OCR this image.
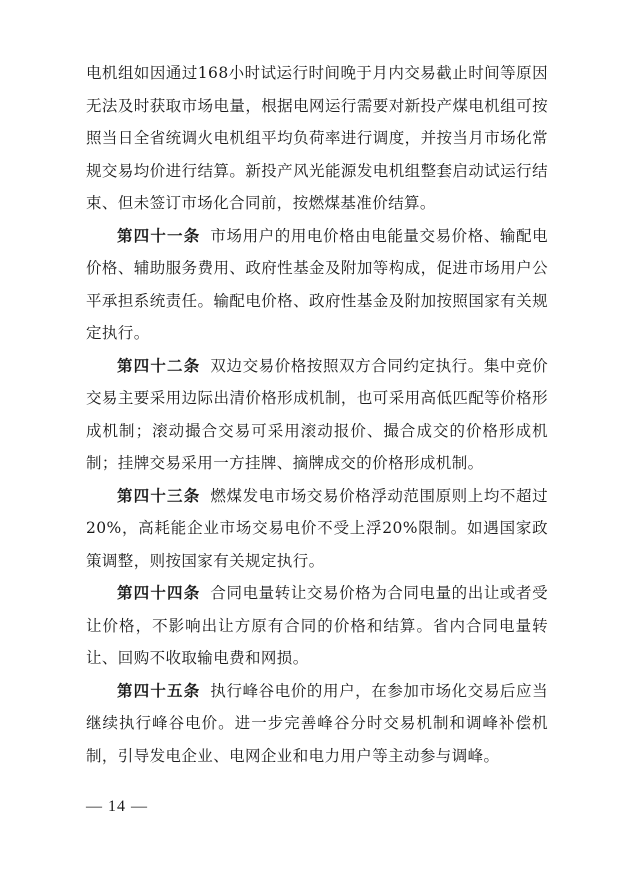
电机组如因通过168小时试运行时间晚于月内交易截止时间等原因无法及时获取市场电量，根据电网运行需要对新投产煤电机组可按照当日全省统调火电机组平均负荷率进行调度，并按当月市场化常规交易均价进行结算。新投产风光能源发电机组整套启动试运行结束、但未签订市场化合同前，按燃煤基准价结算。

第四十一条 市场用户的用电价格由电能量交易价格、输配电价格、辅助服务费用、政府性基金及附加等构成，促进市场用户公平承担系统责任。输配电价格、政府性基金及附加按照国家有关规定执行。

第四十二条 双边交易价格按照双方合同约定执行。集中竞价交易主要采用边际出清价格形成机制，也可采用高低匹配等价格形成机制；滚动撮合交易可采用滚动报价、撮合成交的价格形成机制；挂牌交易采用一方挂牌、摘牌成交的价格形成机制。

第四十三条 燃煤发电市场交易价格浮动范围原则上均不超过20%，高耗能企业市场交易电价不受上浮20%限制。如遇国家政策调整，则按国家有关规定执行。

第四十四条 合同电量转让交易价格为合同电量的出让或者受让价格，不影响出让方原有合同的价格和结算。省内合同电量转让、回购不收取输电费和网损。

第四十五条 执行峰谷电价的用户，在参加市场化交易后应当继续执行峰谷电价。进一步完善峰谷分时交易机制和调峰补偿机制，引导发电企业、电网企业和电力用户等主动参与调峰。

— 14 —
